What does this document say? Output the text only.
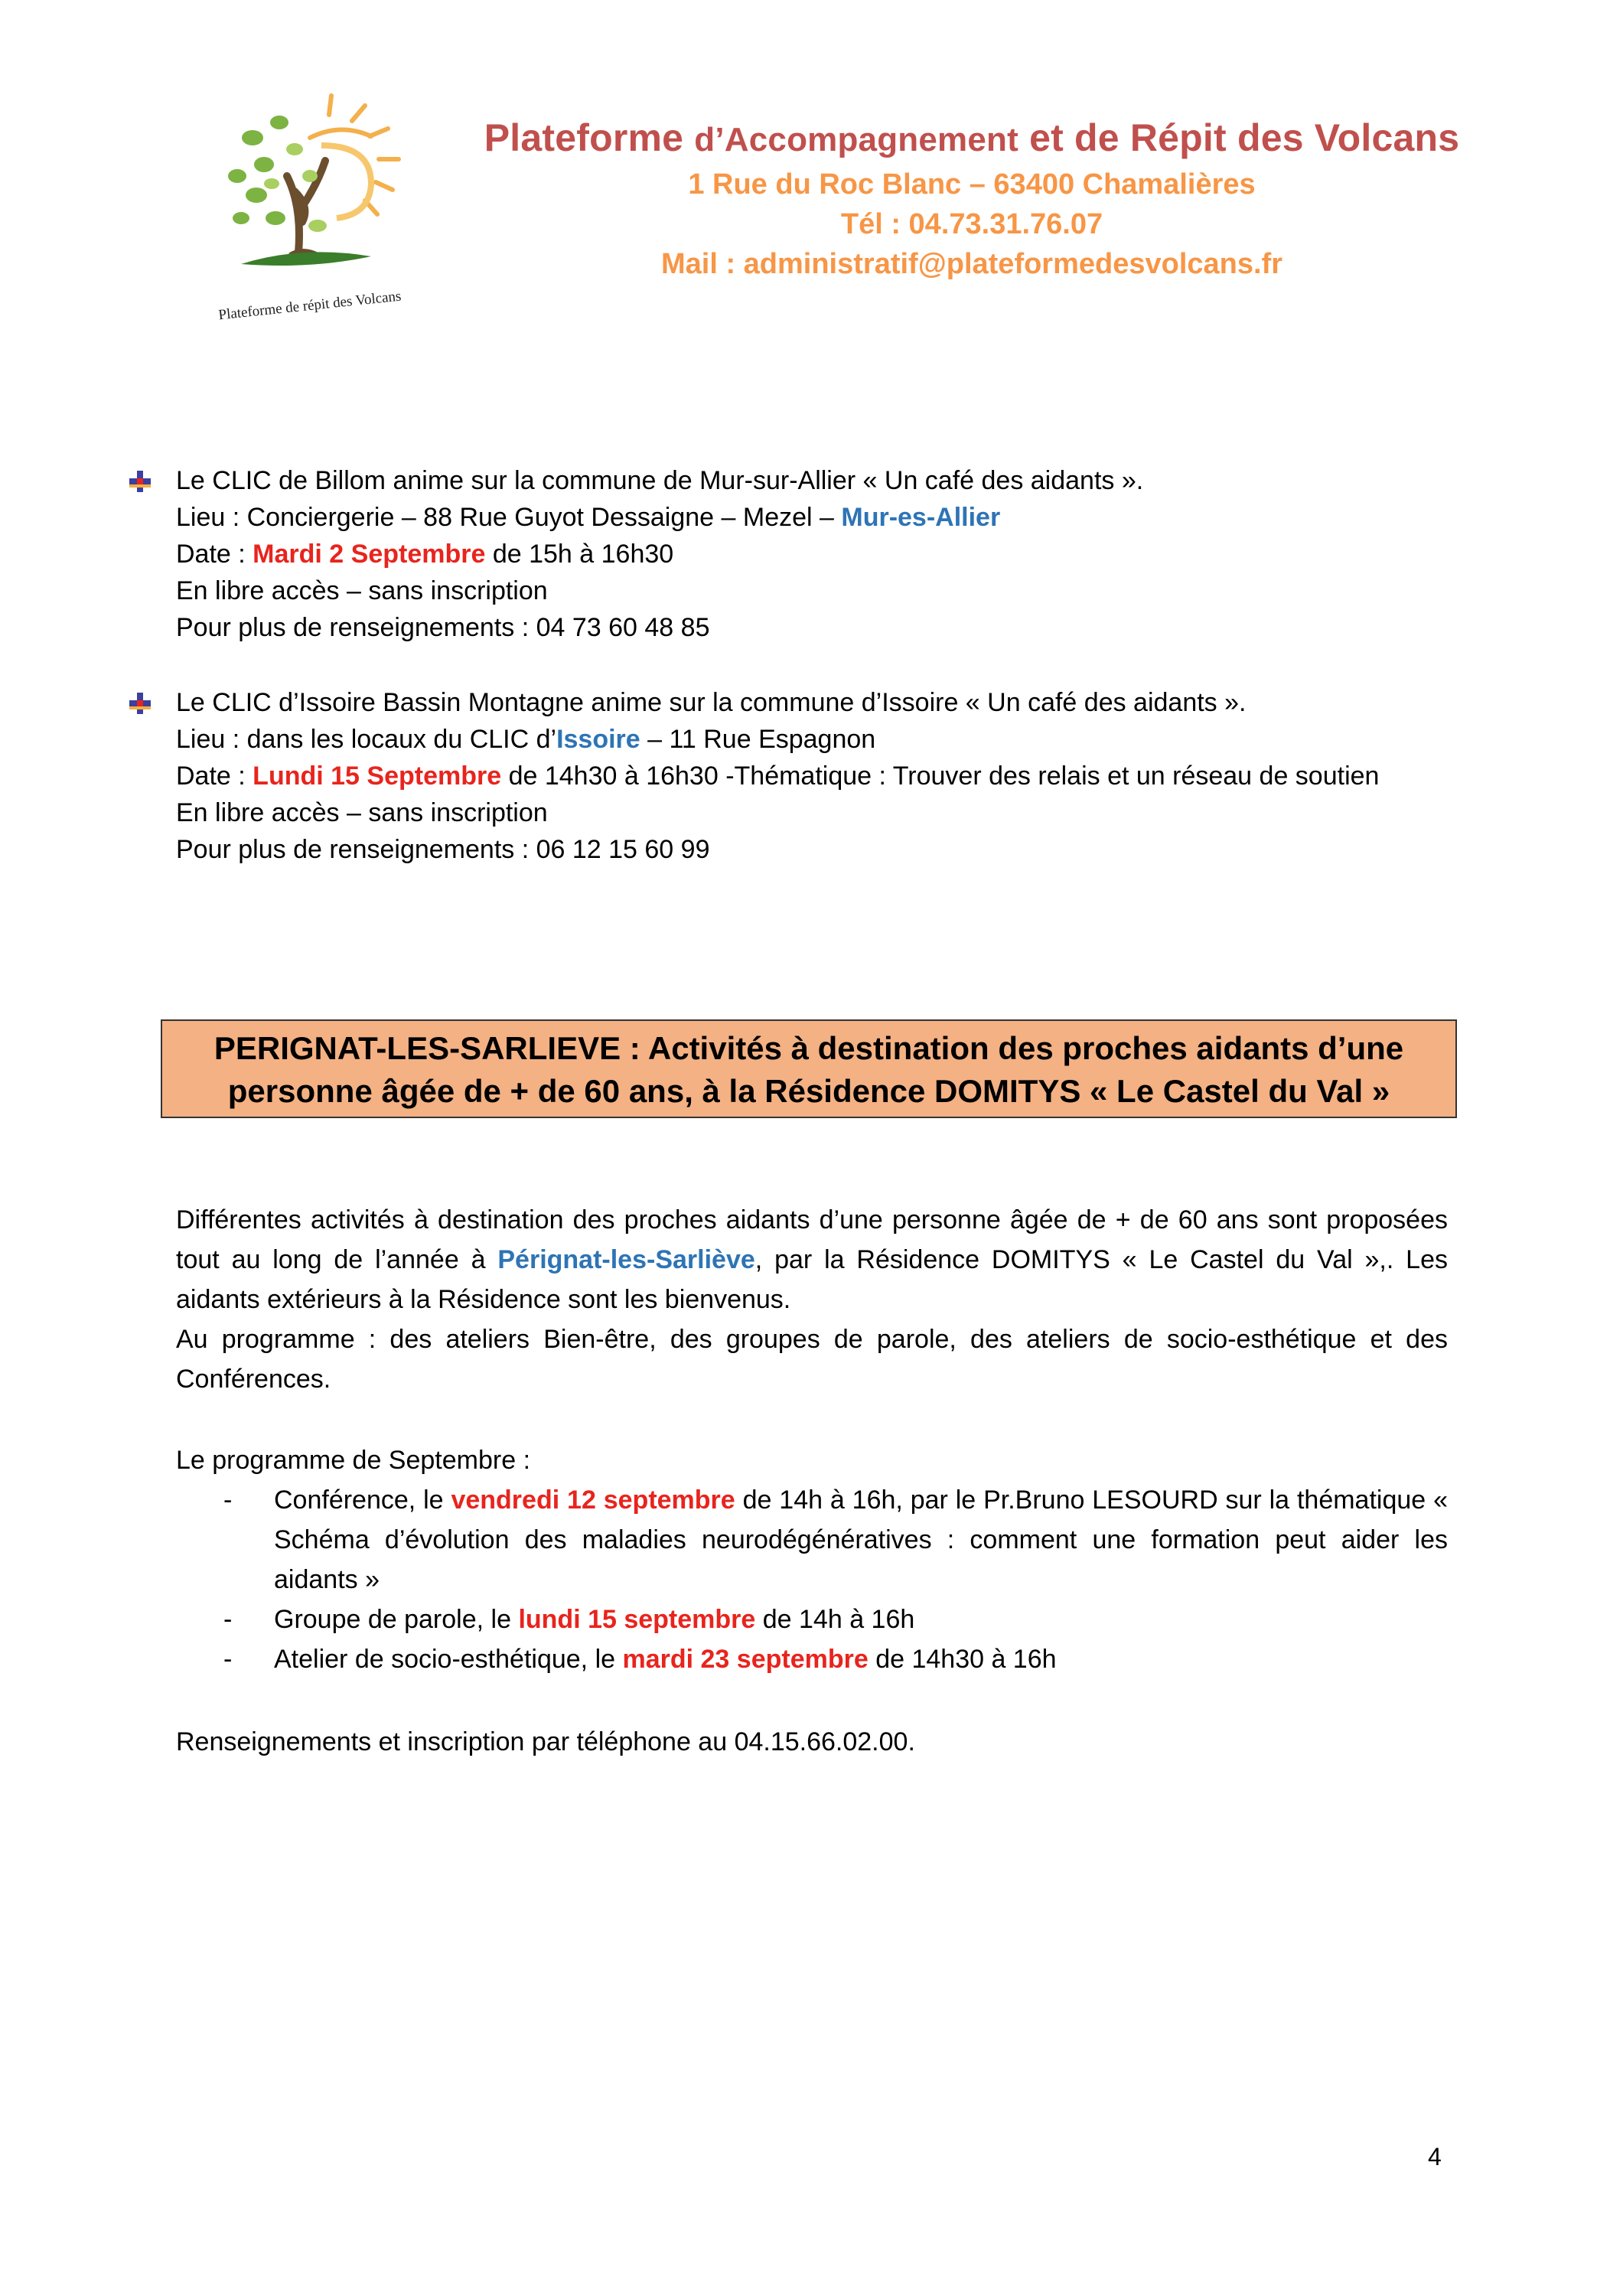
Plateforme de répit des Volcans
Plateforme d’Accompagnement et de Répit des Volcans
1 Rue du Roc Blanc – 63400 Chamalières
Tél : 04.73.31.76.07
Mail : administratif@plateformedesvolcans.fr

Le CLIC de Billom anime sur la commune de Mur-sur-Allier « Un café des aidants ».

Lieu : Conciergerie – 88 Rue Guyot Dessaigne – Mezel – Mur-es-Allier

Date : Mardi 2 Septembre de 15h à 16h30

En libre accès – sans inscription

Pour plus de renseignements : 04 73 60 48 85

Le CLIC d’Issoire Bassin Montagne anime sur la commune d’Issoire « Un café des aidants ».

Lieu : dans les locaux du CLIC d’Issoire – 11 Rue Espagnon

Date : Lundi 15 Septembre de 14h30 à 16h30 -Thématique : Trouver des relais et un réseau de soutien

En libre accès – sans inscription

Pour plus de renseignements : 06 12 15 60 99

PERIGNAT-LES-SARLIEVE : Activités à destination des proches aidants d’une
personne âgée de + de 60 ans, à la Résidence DOMITYS « Le Castel du Val »

Différentes activités à destination des proches aidants d’une personne âgée de + de 60 ans sont proposées tout au long de l’année à Pérignat-les-Sarliève, par la Résidence DOMITYS « Le Castel du Val »,. Les aidants extérieurs à la Résidence sont les bienvenus.

Au programme : des ateliers Bien-être, des groupes de parole, des ateliers de socio-esthétique et des Conférences.

Le programme de Septembre :
- Conférence, le vendredi 12 septembre de 14h à 16h, par le Pr.Bruno LESOURD sur la thématique « Schéma d’évolution des maladies neurodégénératives : comment une formation peut aider les aidants »
- Groupe de parole, le lundi 15 septembre de 14h à 16h
- Atelier de socio-esthétique, le mardi 23 septembre de 14h30 à 16h
Renseignements et inscription par téléphone au 04.15.66.02.00.
4
